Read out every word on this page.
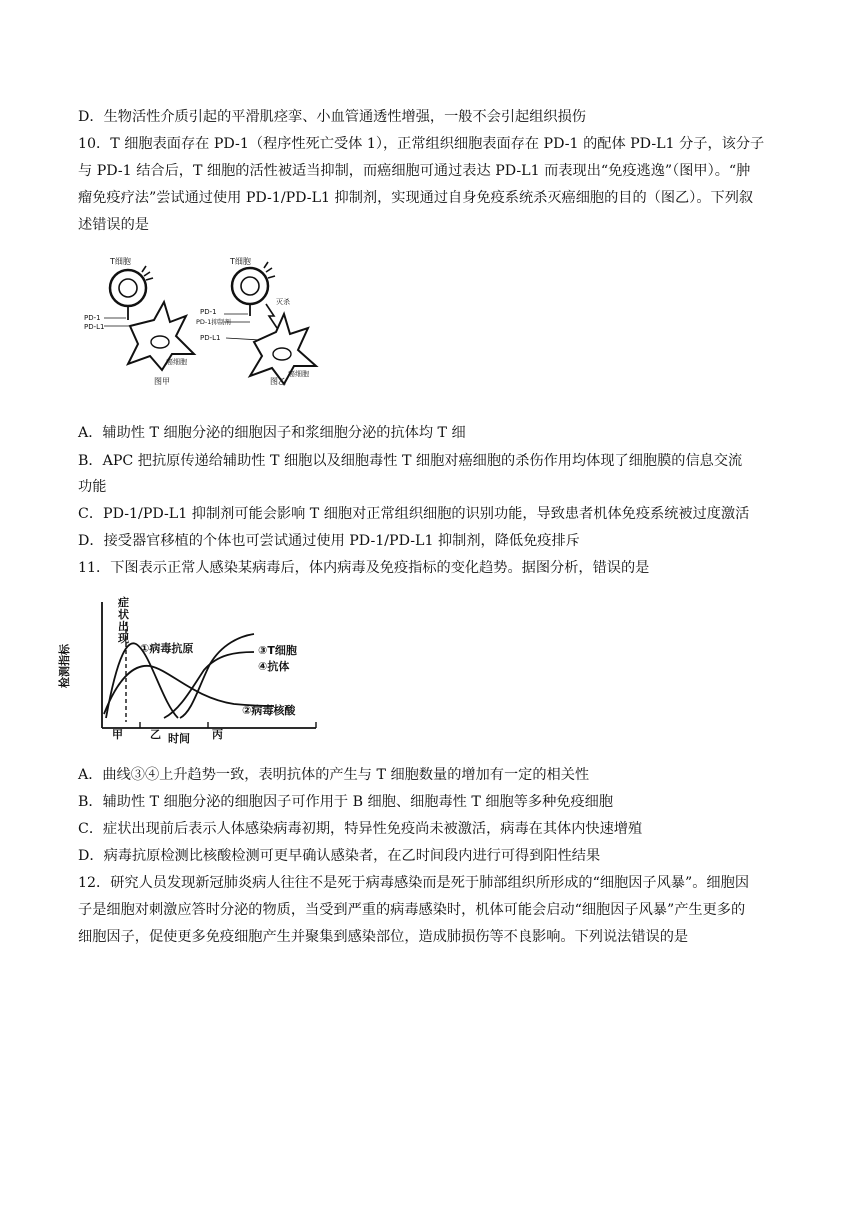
D．生物活性介质引起的平滑肌痉挛、小血管通透性增强，一般不会引起组织损伤
10．T 细胞表面存在 PD-1（程序性死亡受体 1），正常组织细胞表面存在 PD-1 的配体 PD-L1 分子，该分子
与 PD-1 结合后，T 细胞的活性被适当抑制，而癌细胞可通过表达 PD-L1 而表现出“免疫逃逸”（图甲）。“肿
瘤免疫疗法”尝试通过使用 PD-1/PD-L1 抑制剂，实现通过自身免疫系统杀灭癌细胞的目的（图乙）。下列叙
述错误的是
T细胞
PD-1
PD-L1
癌细胞
图甲
T细胞
灭杀
PD-1
PD-1抑制剂
PD-L1
癌细胞
图乙
A．辅助性 T 细胞分泌的细胞因子和浆细胞分泌的抗体均 T 细
B．APC 把抗原传递给辅助性 T 细胞以及细胞毒性 T 细胞对癌细胞的杀伤作用均体现了细胞膜的信息交流
功能
C．PD-1/PD-L1 抑制剂可能会影响 T 细胞对正常组织细胞的识别功能，导致患者机体免疫系统被过度激活
D．接受器官移植的个体也可尝试通过使用 PD-1/PD-L1 抑制剂，降低免疫排斥
11．下图表示正常人感染某病毒后，体内病毒及免疫指标的变化趋势。据图分析，错误的是
检测指标
症
状
出
现
①病毒抗原	③T细胞
④抗体
②病毒核酸
甲 乙	丙
时间
A．曲线③④上升趋势一致，表明抗体的产生与 T 细胞数量的增加有一定的相关性
B．辅助性 T 细胞分泌的细胞因子可作用于 B 细胞、细胞毒性 T 细胞等多种免疫细胞
C．症状出现前后表示人体感染病毒初期，特异性免疫尚未被激活，病毒在其体内快速增殖
D．病毒抗原检测比核酸检测可更早确认感染者，在乙时间段内进行可得到阳性结果
12．研究人员发现新冠肺炎病人往往不是死于病毒感染而是死于肺部组织所形成的“细胞因子风暴”。细胞因
子是细胞对刺激应答时分泌的物质，当受到严重的病毒感染时，机体可能会启动“细胞因子风暴”产生更多的
细胞因子，促使更多免疫细胞产生并聚集到感染部位，造成肺损伤等不良影响。下列说法错误的是
